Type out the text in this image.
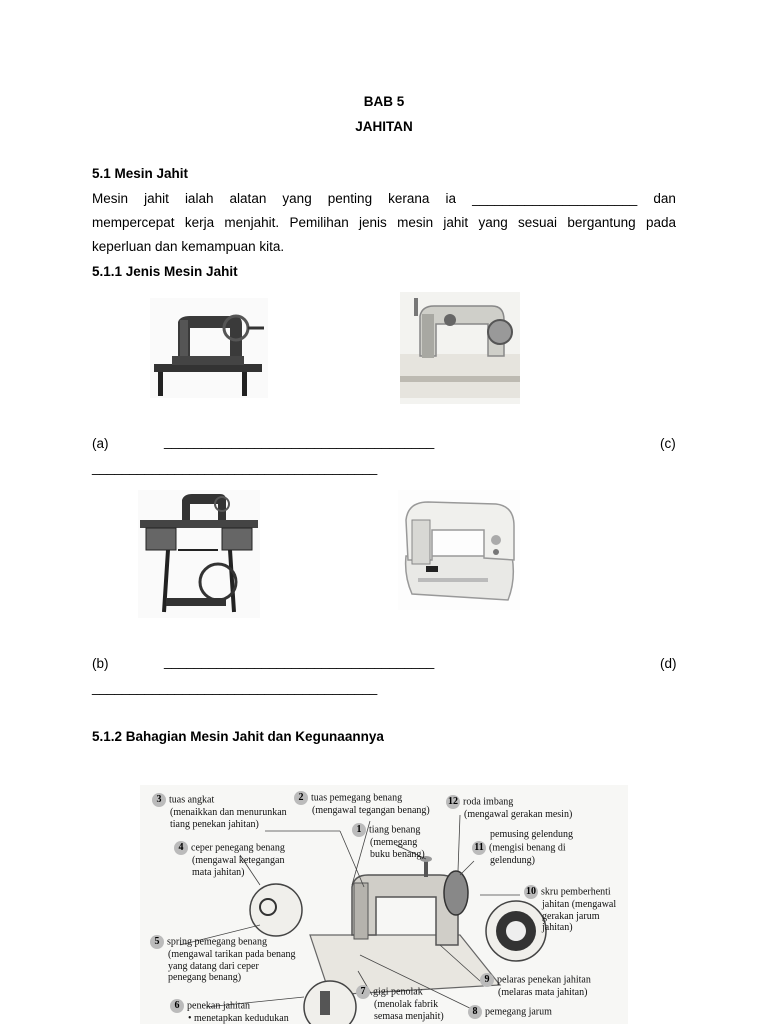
BAB 5
JAHITAN
5.1 Mesin Jahit
Mesin jahit ialah alatan yang penting kerana ia ______________________ dan
mempercepat kerja menjahit. Pemilihan jenis mesin jahit yang sesuai bergantung pada
keperluan dan kemampuan kita.
5.1.1 Jenis Mesin Jahit
(a)	____________________________________	(c)
______________________________________
(b)	____________________________________	(d)
______________________________________
5.1.2 Bahagian Mesin Jahit dan Kegunaannya
3 tuas angkat
(menaikkan dan menurunkan
tiang penekan jahitan)
2 tuas pemegang benang
(mengawal tegangan benang)
12 roda imbang
(mengawal gerakan mesin)
1 tiang benang
(memegang
buku benang)
pemusing gelendung
11 (mengisi benang di
gelendung)
4 ceper penegang benang
(mengawal ketegangan
mata jahitan)
10 skru pemberhenti
jahitan (mengawal
gerakan jarum
jahitan)
5 spring pemegang benang
(mengawal tarikan pada benang
yang datang dari ceper
penegang benang)	9 pelaras penekan jahitan
(melaras mata jahitan)
7 gigi penolak
(menolak fabrik
semasa menjahit)
6 penekan jahitan
• menetapkan kedudukan
8 pemegang jarum
